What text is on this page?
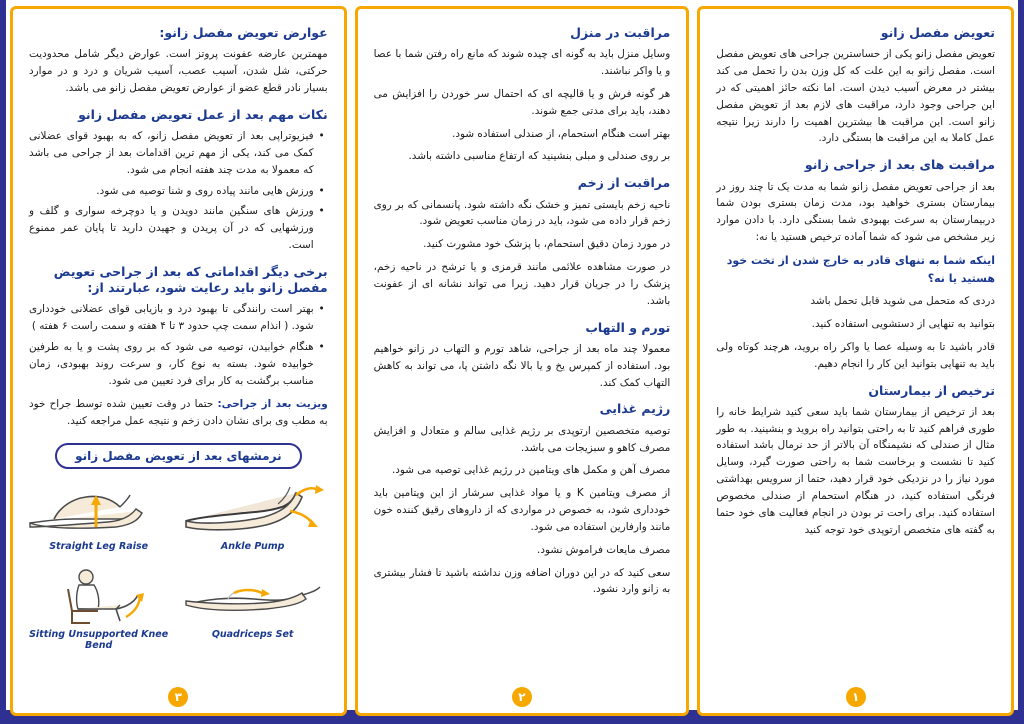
تعویض مفصل زانو

تعویض مفصل زانو یکی از حساسترین جراحی های تعویض مفصل است. مفصل زانو به این علت که کل وزن بدن را تحمل می کند بیشتر در معرض آسیب دیدن است. اما نکته حائز اهمیتی که در این جراحی وجود دارد، مراقبت های لازم بعد از تعویض مفصل زانو است. این مراقبت ها بیشترین اهمیت را دارند زیرا نتیجه عمل کاملا به این مراقبت ها بستگی دارد.

مراقبت های بعد از جراحی زانو

بعد از جراحی تعویض مفصل زانو شما به مدت یک تا چند روز در بیمارستان بستری خواهید بود، مدت زمان بستری بودن شما دربیمارستان به سرعت بهبودی شما بستگی دارد. با دادن موارد زیر مشخص می شود که شما آماده ترخیص هستید یا نه:

اینکه شما به تنهای قادر به خارج شدن از تخت خود هستید یا نه؟

دردی که متحمل می شوید قابل تحمل باشد

بتوانید به تنهایی از دستشویی استفاده کنید.

قادر باشید تا به وسیله عصا یا واکر راه بروید، هرچند کوتاه ولی باید به تنهایی بتوانید این کار را انجام دهیم.

ترخیص از بیمارستان

بعد از ترخیص از بیمارستان شما باید سعی کنید شرایط خانه را طوری فراهم کنید تا به راحتی بتوانید راه بروید و بنشینید. به طور مثال از صندلی که نشیمنگاه آن بالاتر از حد نرمال باشد استفاده کنید تا نشست و برخاست شما به راحتی صورت گیرد، وسایل مورد نیاز را در نزدیکی خود قرار دهید، حتما از سرویس بهداشتی فرنگی استفاده کنید، در هنگام استحمام از صندلی مخصوص استفاده کنید. برای راحت تر بودن در انجام فعالیت های خود حتما به گفته های متخصص ارتوپدی خود توجه کنید

۱
مراقبت در منزل

وسایل منزل باید به گونه ای چیده شوند که مانع راه رفتن شما با عصا و یا واکر نباشند.

هر گونه فرش و یا قالیچه ای که احتمال سر خوردن را افزایش می دهند، باید برای مدتی جمع شوند.

بهتر است هنگام استحمام، از صندلی استفاده شود.

بر روی صندلی و مبلی بنشینید که ارتفاع مناسبی داشته باشد.

مراقبت از زخم

ناحیه زخم بایستی تمیز و خشک نگه داشته شود. پانسمانی که بر روی زخم قرار داده می شود، باید در زمان مناسب تعویض شود.

در مورد زمان دقیق استحمام، با پزشک خود مشورت کنید.

در صورت مشاهده علائمی مانند قرمزی و یا ترشح در ناحیه زخم، پزشک را در جریان قرار دهید. زیرا می تواند نشانه ای از عفونت باشد.

تورم و التهاب

معمولا چند ماه بعد از جراحی، شاهد تورم و التهاب در زانو خواهیم بود. استفاده از کمپرس یخ و یا بالا نگه داشتن پا، می تواند به کاهش التهاب کمک کند.

رژیم غذایی

توصیه متخصصین ارتوپدی بر رژیم غذایی سالم و متعادل و افزایش مصرف کاهو و سبزیجات می باشد.

مصرف آهن و مکمل های ویتامین در رژیم غذایی توصیه می شود.

از مصرف ویتامین K و یا مواد غذایی سرشار از این ویتامین باید خودداری شود، به خصوص در مواردی که از داروهای رقیق کننده خون مانند وارفارین استفاده می شود.

مصرف مایعات فراموش نشود.

سعی کنید که در این دوران اضافه وزن نداشته باشید تا فشار بیشتری به زانو وارد نشود.

۲
عوارض تعویض مفصل زانو:

مهمترین عارضه عفونت پروتز است. عوارض دیگر شامل محدودیت حرکتی، شل شدن، آسیب عصب، آسیب شریان و درد و در موارد بسیار نادر قطع عضو از عوارض تعویض مفصل زانو می باشد.

نکات مهم بعد از عمل تعویض مفصل زانو
• فیزیوتراپی بعد از تعویض مفصل زانو، که به بهبود قوای عضلانی کمک می کند، یکی از مهم ترین اقدامات بعد از جراحی می باشد که معمولا به مدت چند هفته انجام می شود.
• ورزش هایی مانند پیاده روی و شنا توصیه می شود.
• ورزش های سنگین مانند دویدن و یا دوچرخه سواری و گلف و ورزشهایی که در آن پریدن و جهیدن دارید تا پایان عمر ممنوع است.
برخی دیگر اقداماتی که بعد از جراحی تعویض مفصل زانو باید رعایت شود، عبارتند از:
• بهتر است رانندگی تا بهبود درد و بازیابی قوای عضلانی خودداری شود. ( انذام سمت چپ حدود ۳ تا ۴ هفته و سمت راست ۶ هفته )
• هنگام خوابیدن، توصیه می شود که بر روی پشت و یا به طرفین خوابیده شود. بسته به نوع کار، و سرعت روند بهبودی، زمان مناسب برگشت به کار برای فرد تعیین می شود.

ویزیت بعد از جراحی: حتما در وقت تعیین شده توسط جراح خود به مطب وی برای نشان دادن زخم و نتیجه عمل مراجعه کنید.

نرمشهای بعد از تعویض مفصل زانو
Ankle Pump
Straight Leg Raise
Quadriceps Set
Sitting Unsupported Knee Bend
۳
